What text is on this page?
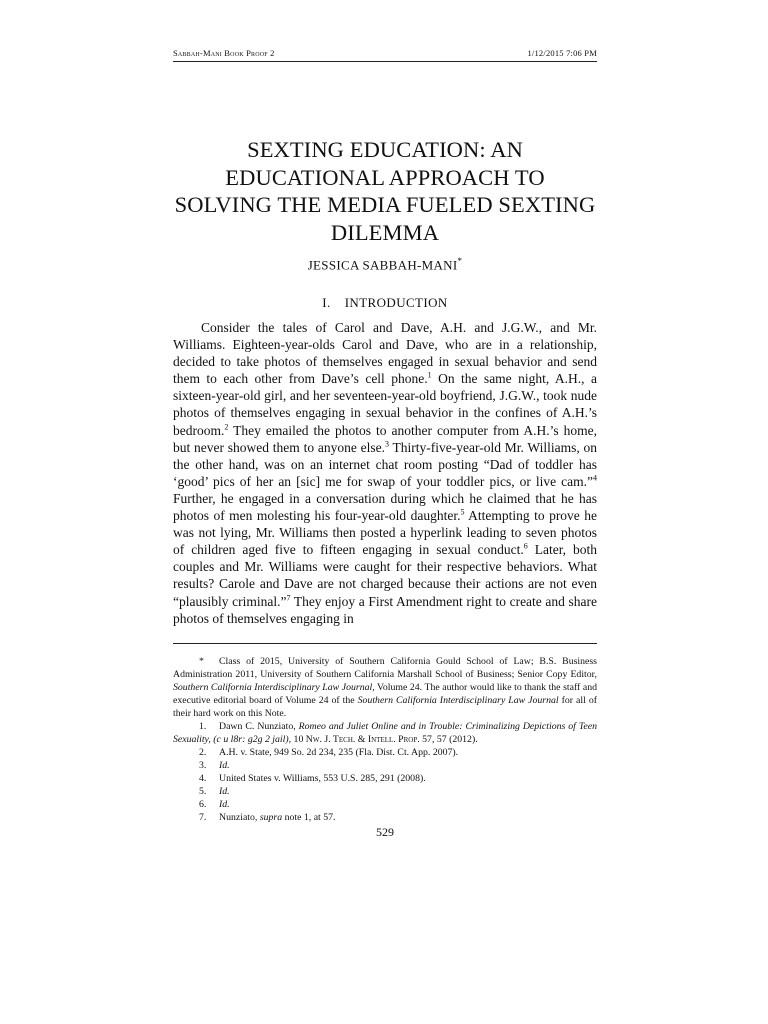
Sabbah-Mani Book Proof 2	1/12/2015 7:06 PM
SEXTING EDUCATION: AN
EDUCATIONAL APPROACH TO
SOLVING THE MEDIA FUELED SEXTING
DILEMMA
JESSICA SABBAH-MANI*
I. INTRODUCTION

Consider the tales of Carol and Dave, A.H. and J.G.W., and Mr. Williams. Eighteen-year-olds Carol and Dave, who are in a relationship, decided to take photos of themselves engaged in sexual behavior and send them to each other from Dave’s cell phone.$^1$ On the same night, A.H., a sixteen-year-old girl, and her seventeen-year-old boyfriend, J.G.W., took nude photos of themselves engaging in sexual behavior in the confines of A.H.’s bedroom.$^2$ They emailed the photos to another computer from A.H.’s home, but never showed them to anyone else.$^3$ Thirty-five-year-old Mr. Williams, on the other hand, was on an internet chat room posting “Dad of toddler has ‘good’ pics of her an [sic] me for swap of your toddler pics, or live cam.”$^4$ Further, he engaged in a conversation during which he claimed that he has photos of men molesting his four-year-old daughter.$^5$ Attempting to prove he was not lying, Mr. Williams then posted a hyperlink leading to seven photos of children aged five to fifteen engaging in sexual conduct.$^6$ Later, both couples and Mr. Williams were caught for their respective behaviors. What results? Carole and Dave are not charged because their actions are not even “plausibly criminal.”$^7$ They enjoy a First Amendment right to create and share photos of themselves engaging in

* Class of 2015, University of Southern California Gould School of Law; B.S. Business Administration 2011, University of Southern California Marshall School of Business; Senior Copy Editor, Southern California Interdisciplinary Law Journal, Volume 24. The author would like to thank the staff and executive editorial board of Volume 24 of the Southern California Interdisciplinary Law Journal for all of their hard work on this Note.

1. Dawn C. Nunziato, Romeo and Juliet Online and in Trouble: Criminalizing Depictions of Teen Sexuality, (c u l8r: g2g 2 jail), 10 Nw. J. Tech. & Intell. Prop. 57, 57 (2012).

2. A.H. v. State, 949 So. 2d 234, 235 (Fla. Dist. Ct. App. 2007).

3. Id.

4. United States v. Williams, 553 U.S. 285, 291 (2008).

5. Id.

6. Id.

7. Nunziato, supra note 1, at 57.

529
